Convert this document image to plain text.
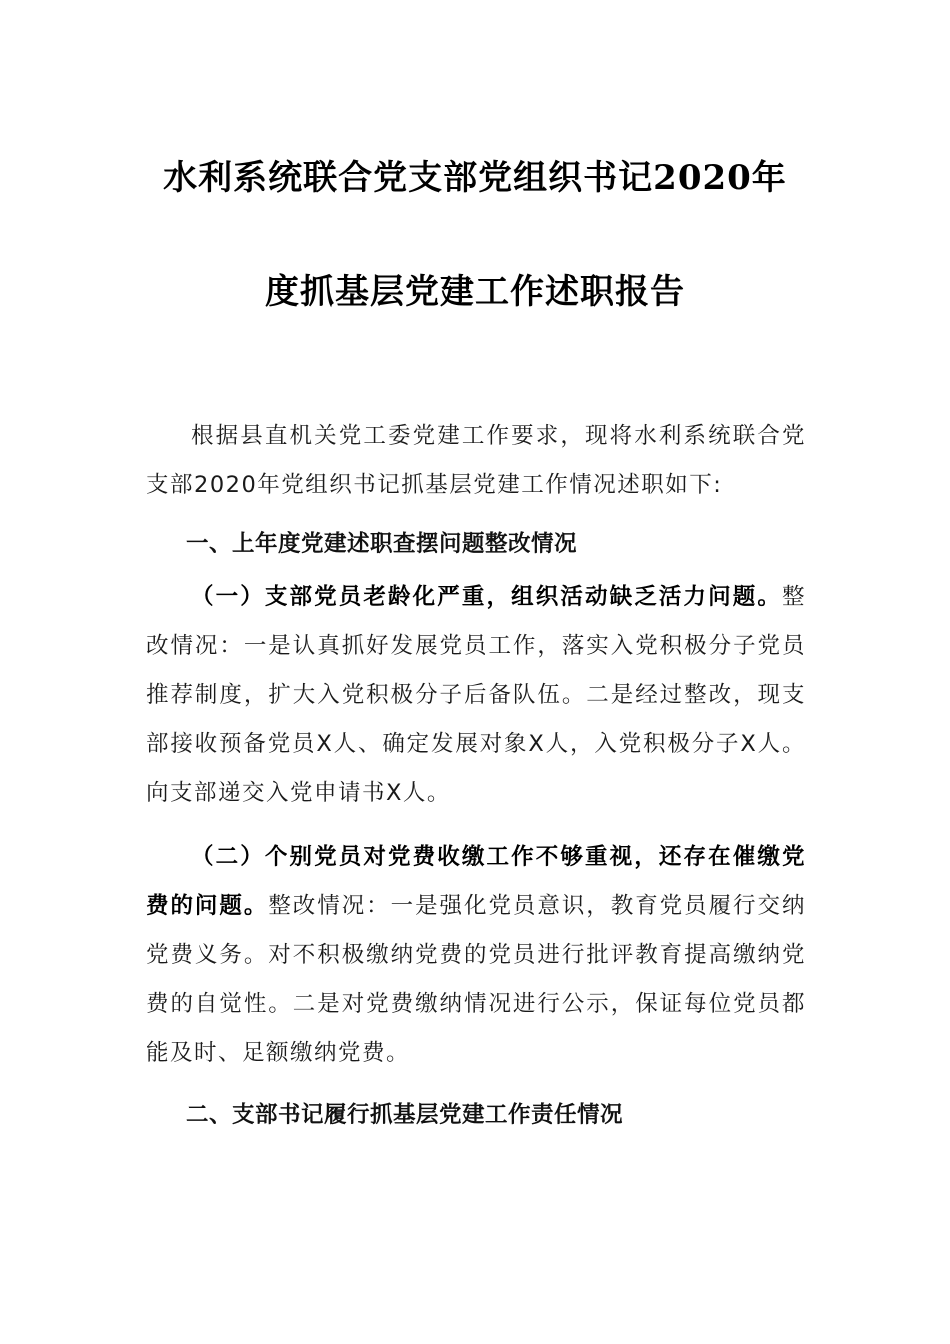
水利系统联合党支部党组织书记2020年
度抓基层党建工作述职报告

根据县直机关党工委党建工作要求，现将水利系统联合党支部2020年党组织书记抓基层党建工作情况述职如下:

一、上年度党建述职查摆问题整改情况

（一）支部党员老龄化严重，组织活动缺乏活力问题。整改情况：一是认真抓好发展党员工作，落实入党积极分子党员推荐制度，扩大入党积极分子后备队伍。二是经过整改，现支部接收预备党员X人、确定发展对象X人，入党积极分子X人。向支部递交入党申请书X人。

（二）个别党员对党费收缴工作不够重视，还存在催缴党费的问题。整改情况：一是强化党员意识，教育党员履行交纳党费义务。对不积极缴纳党费的党员进行批评教育提高缴纳党费的自觉性。二是对党费缴纳情况进行公示，保证每位党员都能及时、足额缴纳党费。

二、支部书记履行抓基层党建工作责任情况
